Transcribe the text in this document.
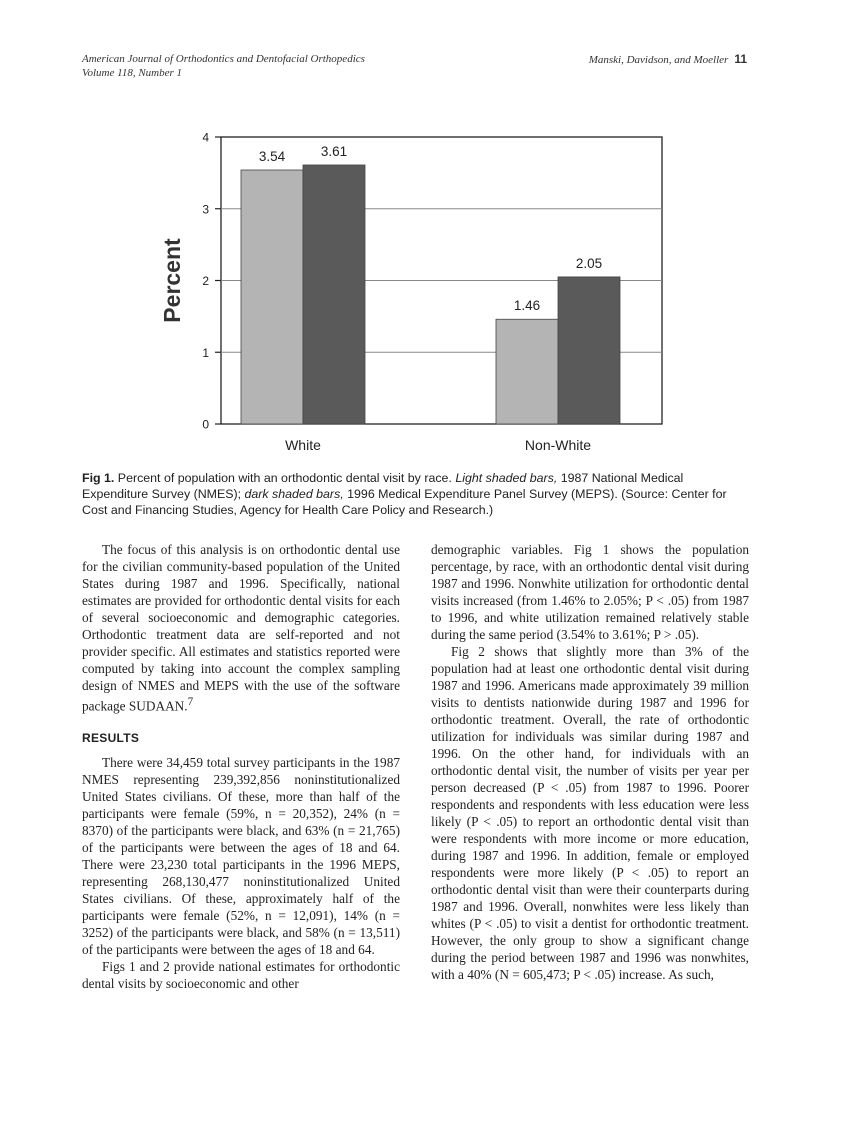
American Journal of Orthodontics and Dentofacial Orthopedics
Volume 118, Number 1
Manski, Davidson, and Moeller 11
0
1
2
3
4
Percent
3.54	3.61
White
1.46
2.05
Non-White
Fig 1. Percent of population with an orthodontic dental visit by race. Light shaded bars, 1987 National Medical Expenditure Survey (NMES); dark shaded bars, 1996 Medical Expenditure Panel Survey (MEPS). (Source: Center for Cost and Financing Studies, Agency for Health Care Policy and Research.)

The focus of this analysis is on orthodontic dental use for the civilian community-based population of the United States during 1987 and 1996. Specifically, national estimates are provided for orthodontic dental visits for each of several socioeconomic and demographic categories. Orthodontic treatment data are self-reported and not provider specific. All estimates and statistics reported were computed by taking into account the complex sampling design of NMES and MEPS with the use of the software package SUDAAN.$^7$

RESULTS

There were 34,459 total survey participants in the 1987 NMES representing 239,392,856 noninstitutionalized United States civilians. Of these, more than half of the participants were female (59%, n = 20,352), 24% (n = 8370) of the participants were black, and 63% (n = 21,765) of the participants were between the ages of 18 and 64. There were 23,230 total participants in the 1996 MEPS, representing 268,130,477 noninstitutionalized United States civilians. Of these, approximately half of the participants were female (52%, n = 12,091), 14% (n = 3252) of the participants were black, and 58% (n = 13,511) of the participants were between the ages of 18 and 64.

Figs 1 and 2 provide national estimates for orthodontic dental visits by socioeconomic and other

demographic variables. Fig 1 shows the population percentage, by race, with an orthodontic dental visit during 1987 and 1996. Nonwhite utilization for orthodontic dental visits increased (from 1.46% to 2.05%; P < .05) from 1987 to 1996, and white utilization remained relatively stable during the same period (3.54% to 3.61%; P > .05).

Fig 2 shows that slightly more than 3% of the population had at least one orthodontic dental visit during 1987 and 1996. Americans made approximately 39 million visits to dentists nationwide during 1987 and 1996 for orthodontic treatment. Overall, the rate of orthodontic utilization for individuals was similar during 1987 and 1996. On the other hand, for individuals with an orthodontic dental visit, the number of visits per year per person decreased (P < .05) from 1987 to 1996. Poorer respondents and respondents with less education were less likely (P < .05) to report an orthodontic dental visit than were respondents with more income or more education, during 1987 and 1996. In addition, female or employed respondents were more likely (P < .05) to report an orthodontic dental visit than were their counterparts during 1987 and 1996. Overall, nonwhites were less likely than whites (P < .05) to visit a dentist for orthodontic treatment. However, the only group to show a significant change during the period between 1987 and 1996 was nonwhites, with a 40% (N = 605,473; P < .05) increase. As such,
